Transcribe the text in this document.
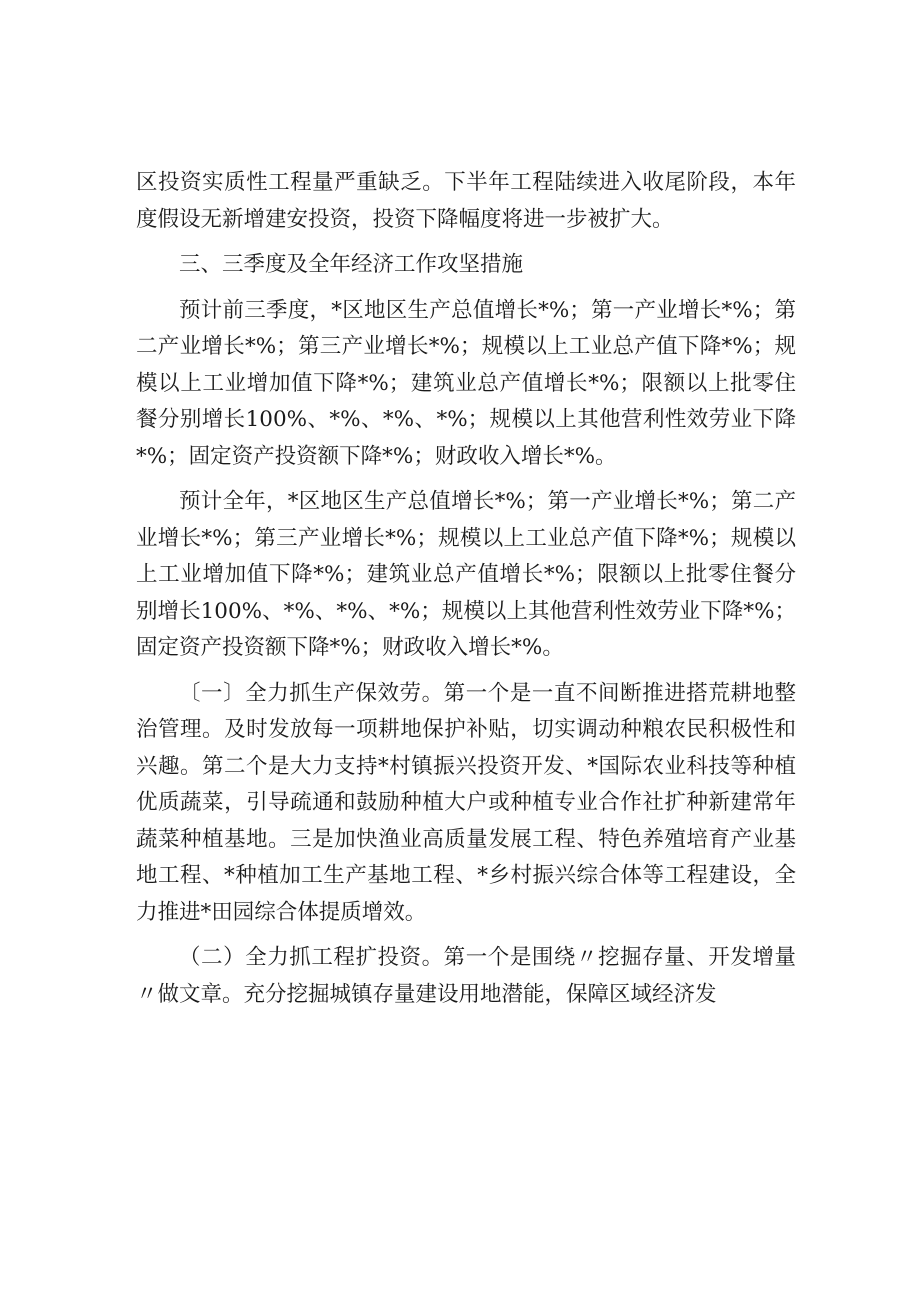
区投资实质性工程量严重缺乏。下半年工程陆续进入收尾阶段，本年度假设无新增建安投资，投资下降幅度将进一步被扩大。

三、三季度及全年经济工作攻坚措施

预计前三季度，*区地区生产总值增长*%；第一产业增长*%；第二产业增长*%；第三产业增长*%；规模以上工业总产值下降*%；规模以上工业增加值下降*%；建筑业总产值增长*%；限额以上批零住餐分别增长100%、*%、*%、*%；规模以上其他营利性效劳业下降*%；固定资产投资额下降*%；财政收入增长*%。

预计全年，*区地区生产总值增长*%；第一产业增长*%；第二产业增长*%；第三产业增长*%；规模以上工业总产值下降*%；规模以上工业增加值下降*%；建筑业总产值增长*%；限额以上批零住餐分别增长100%、*%、*%、*%；规模以上其他营利性效劳业下降*%；固定资产投资额下降*%；财政收入增长*%。

〔一〕全力抓生产保效劳。第一个是一直不间断推进搭荒耕地整治管理。及时发放每一项耕地保护补贴，切实调动种粮农民积极性和兴趣。第二个是大力支持*村镇振兴投资开发、*国际农业科技等种植优质蔬菜，引导疏通和鼓励种植大户或种植专业合作社扩种新建常年蔬菜种植基地。三是加快渔业高质量发展工程、特色养殖培育产业基地工程、*种植加工生产基地工程、*乡村振兴综合体等工程建设，全力推进*田园综合体提质增效。

（二）全力抓工程扩投资。第一个是围绕〃挖掘存量、开发增量〃做文章。充分挖掘城镇存量建设用地潜能，保障区域经济发
